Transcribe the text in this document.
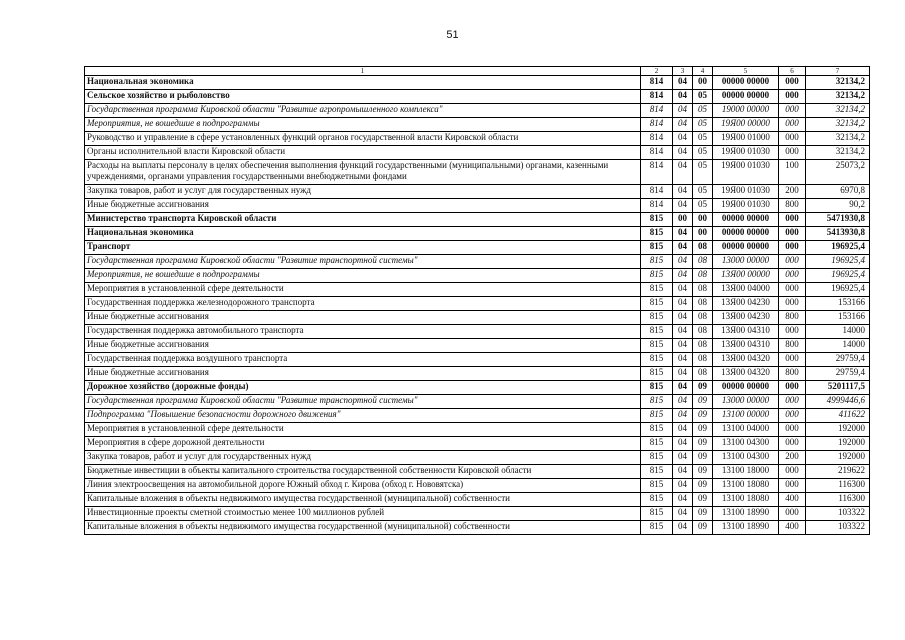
51
1	2	3	4	5	6	7
Национальная экономика	814	04	00	00000 00000	000	32134,2
Сельское хозяйство и рыболовство	814	04	05	00000 00000	000	32134,2
Государственная программа Кировской области "Развитие агропромышленного комплекса"	814	04	05	19000 00000	000	32134,2
Мероприятия, не вошедшие в подпрограммы	814	04	05	19Я00 00000	000	32134,2
Руководство и управление в сфере установленных функций органов государственной власти Кировской области	814	04	05	19Я00 01000	000	32134,2
Органы исполнительной власти Кировской области	814	04	05	19Я00 01030	000	32134,2
Расходы на выплаты персоналу в целях обеспечения выполнения функций государственными (муниципальными) органами, казенными учреждениями, органами управления государственными внебюджетными фондами	814	04	05	19Я00 01030	100	25073,2
Закупка товаров, работ и услуг для государственных нужд	814	04	05	19Я00 01030	200	6970,8
Иные бюджетные ассигнования	814	04	05	19Я00 01030	800	90,2
Министерство транспорта Кировской области	815	00	00	00000 00000	000	5471930,8
Национальная экономика	815	04	00	00000 00000	000	5413930,8
Транспорт	815	04	08	00000 00000	000	196925,4
Государственная программа Кировской области "Развитие транспортной системы"	815	04	08	13000 00000	000	196925,4
Мероприятия, не вошедшие в подпрограммы	815	04	08	13Я00 00000	000	196925,4
Мероприятия в установленной сфере деятельности	815	04	08	13Я00 04000	000	196925,4
Государственная поддержка железнодорожного транспорта	815	04	08	13Я00 04230	000	153166
Иные бюджетные ассигнования	815	04	08	13Я00 04230	800	153166
Государственная поддержка автомобильного транспорта	815	04	08	13Я00 04310	000	14000
Иные бюджетные ассигнования	815	04	08	13Я00 04310	800	14000
Государственная поддержка воздушного транспорта	815	04	08	13Я00 04320	000	29759,4
Иные бюджетные ассигнования	815	04	08	13Я00 04320	800	29759,4
Дорожное хозяйство (дорожные фонды)	815	04	09	00000 00000	000	5201117,5
Государственная программа Кировской области "Развитие транспортной системы"	815	04	09	13000 00000	000	4999446,6
Подпрограмма "Повышение безопасности дорожного движения"	815	04	09	13100 00000	000	411622
Мероприятия в установленной сфере деятельности	815	04	09	13100 04000	000	192000
Мероприятия в сфере дорожной деятельности	815	04	09	13100 04300	000	192000
Закупка товаров, работ и услуг для государственных нужд	815	04	09	13100 04300	200	192000
Бюджетные инвестиции в объекты капитального строительства государственной собственности Кировской области	815	04	09	13100 18000	000	219622
Линия электроосвещения на автомобильной дороге Южный обход г. Кирова (обход г. Нововятска)	815	04	09	13100 18080	000	116300
Капитальные вложения в объекты недвижимого имущества государственной (муниципальной) собственности	815	04	09	13100 18080	400	116300
Инвестиционные проекты сметной стоимостью менее 100 миллионов рублей	815	04	09	13100 18990	000	103322
Капитальные вложения в объекты недвижимого имущества государственной (муниципальной) собственности	815	04	09	13100 18990	400	103322
